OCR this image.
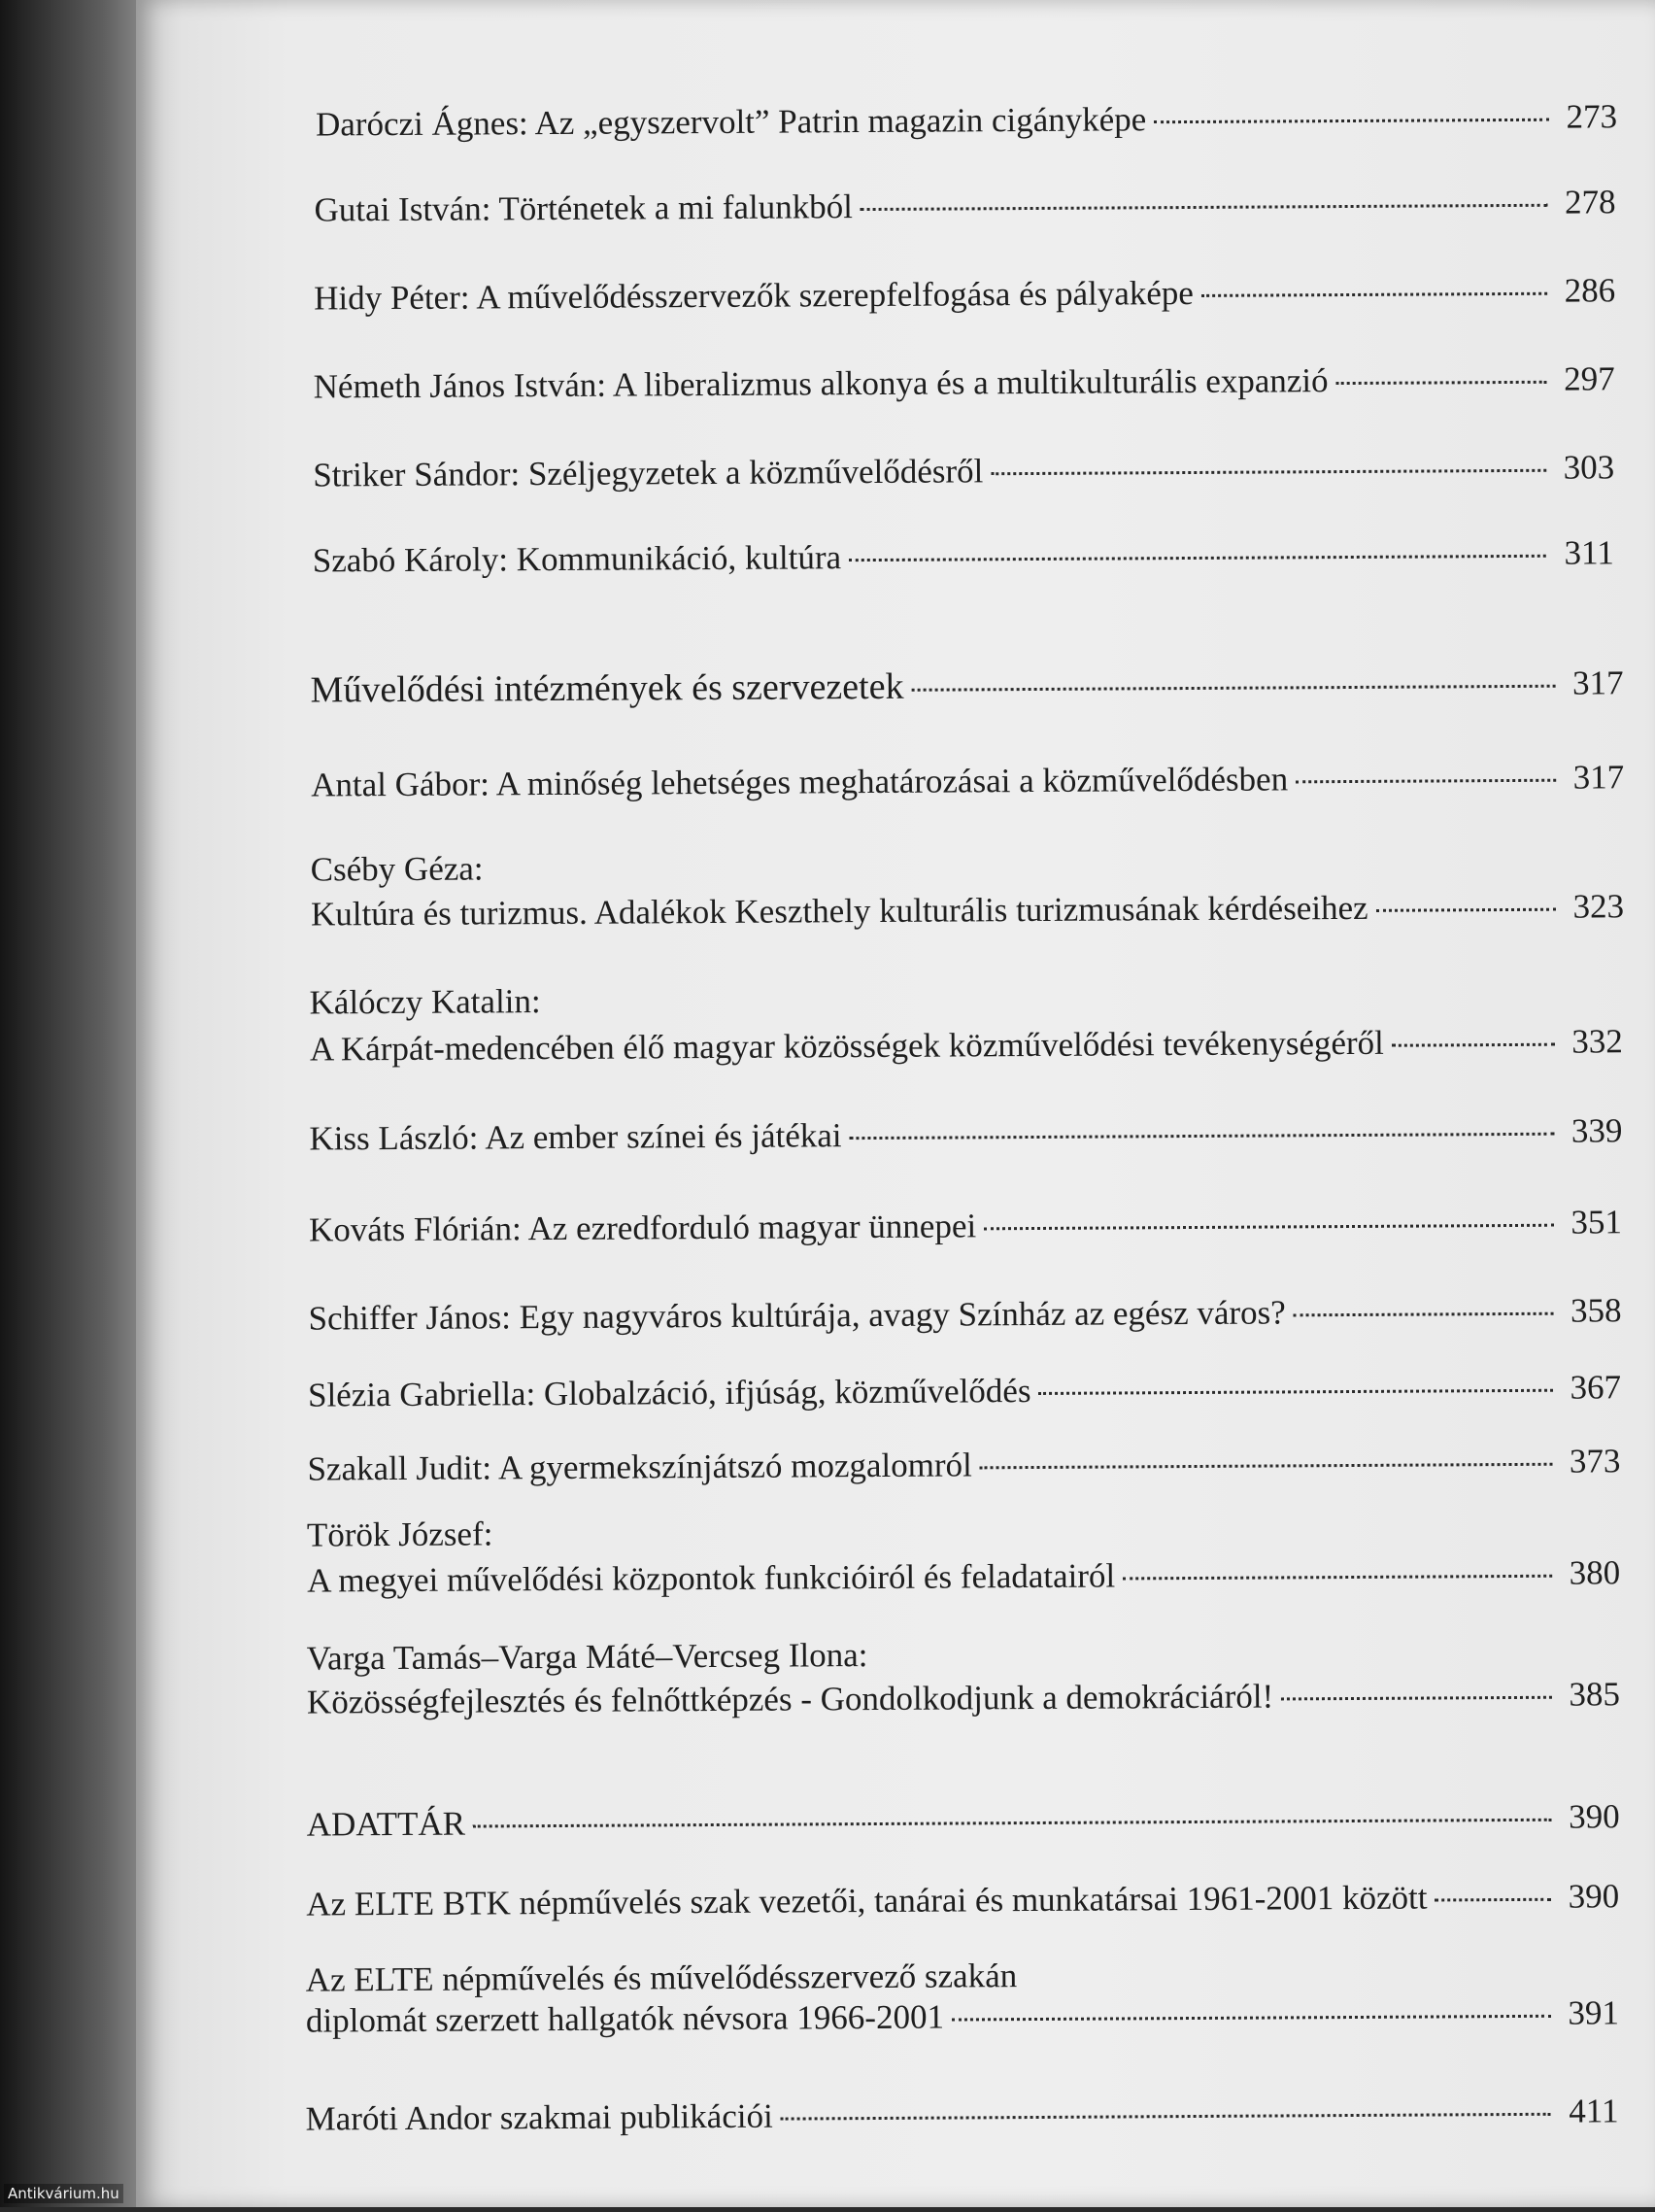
Daróczi Ágnes: Az „egyszervolt” Patrin magazin cigányképe	273
Gutai István: Történetek a mi falunkból	278
Hidy Péter: A művelődésszervezők szerepfelfogása és pályaképe	286
Németh János István: A liberalizmus alkonya és a multikulturális expanzió	297
Striker Sándor: Széljegyzetek a közművelődésről	303
Szabó Károly: Kommunikáció, kultúra	311
Művelődési intézmények és szervezetek	317
Antal Gábor: A minőség lehetséges meghatározásai a közművelődésben	317
Cséby Géza:
Kultúra és turizmus. Adalékok Keszthely kulturális turizmusának kérdéseihez	323
Kálóczy Katalin:
A Kárpát-medencében élő magyar közösségek közművelődési tevékenységéről	332
Kiss László: Az ember színei és játékai	339
Kováts Flórián: Az ezredforduló magyar ünnepei	351
Schiffer János: Egy nagyváros kultúrája, avagy Színház az egész város?	358
Slézia Gabriella: Globalzáció, ifjúság, közművelődés	367
Szakall Judit: A gyermekszínjátszó mozgalomról	373
Török József:
A megyei művelődési központok funkcióiról és feladatairól	380
Varga Tamás–Varga Máté–Vercseg Ilona:
Közösségfejlesztés és felnőttképzés - Gondolkodjunk a demokráciáról!	385
ADATTÁR	390
Az ELTE BTK népművelés szak vezetői, tanárai és munkatársai 1961-2001 között	390
Az ELTE népművelés és művelődésszervező szakán
diplomát szerzett hallgatók névsora 1966-2001	391
Maróti Andor szakmai publikációi	411
Antikvárium.hu
